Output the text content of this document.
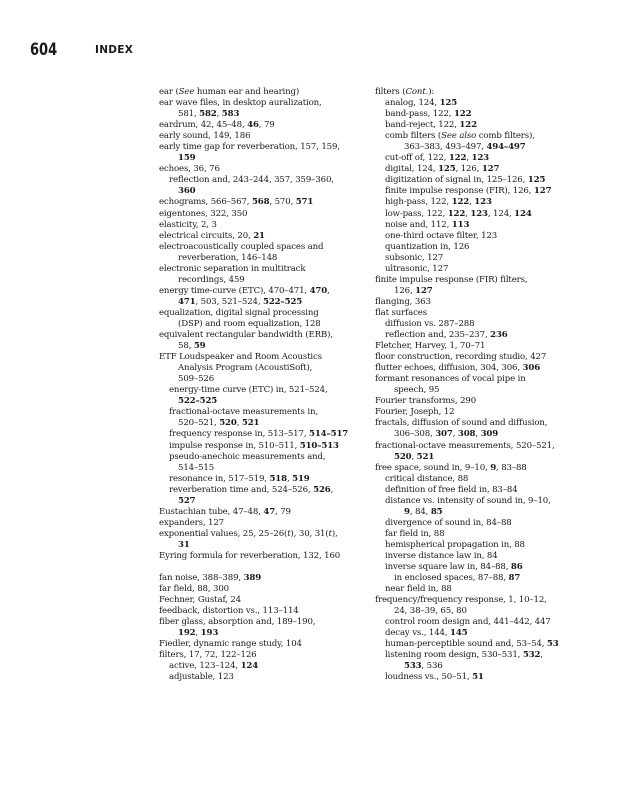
604	INDEX
ear (See human ear and hearing)
ear wave files, in desktop auralization,
581, 582, 583
eardrum, 42, 45–48, 46, 79
early sound, 149, 186
early time gap for reverberation, 157, 159,
159
echoes, 36, 76
reflection and, 243–244, 357, 359–360,
360
echograms, 566–567, 568, 570, 571
eigentones, 322, 350
elasticity, 2, 3
electrical circuits, 20, 21
electroacoustically coupled spaces and
reverberation, 146–148
electronic separation in multitrack
recordings, 459
energy time-curve (ETC), 470–471, 470,
471, 503, 521–524, 522–525
equalization, digital signal processing
(DSP) and room equalization, 128
equivalent rectangular bandwidth (ERB),
58, 59
ETF Loudspeaker and Room Acoustics
Analysis Program (AcoustiSoft),
509–526
energy-time curve (ETC) in, 521–524,
522–525
fractional-octave measurements in,
520–521, 520, 521
frequency response in, 513–517, 514–517
impulse response in, 510–511, 510–513
pseudo-anechoic measurements and,
514–515
resonance in, 517–519, 518, 519
reverberation time and, 524–526, 526,
527
Eustachian tube, 47–48, 47, 79
expanders, 127
exponential values, 25, 25–26(t), 30, 31(t),
31
Eyring formula for reverberation, 132, 160
fan noise, 388–389, 389
far field, 88, 300
Fechner, Gustaf, 24
feedback, distortion vs., 113–114
fiber glass, absorption and, 189–190,
192, 193
Fiedler, dynamic range study, 104
filters, 17, 72, 122–126
active, 123–124, 124
adjustable, 123
filters (Cont.):
analog, 124, 125
band-pass, 122, 122
band-reject, 122, 122
comb filters (See also comb filters),
363–383, 493–497, 494–497
cut-off of, 122, 122, 123
digital, 124, 125, 126, 127
digitization of signal in, 125–126, 125
finite impulse response (FIR), 126, 127
high-pass, 122, 122, 123
low-pass, 122, 122, 123, 124, 124
noise and, 112, 113
one-third octave filter, 123
quantization in, 126
subsonic, 127
ultrasonic, 127
finite impulse response (FIR) filters,
126, 127
flanging, 363
flat surfaces
diffusion vs. 287–288
reflection and, 235–237, 236
Fletcher, Harvey, 1, 70–71
floor construction, recording studio, 427
flutter echoes, diffusion, 304, 306, 306
formant resonances of vocal pipe in
speech, 95
Fourier transforms, 290
Fourier, Joseph, 12
fractals, diffusion of sound and diffusion,
306–308, 307, 308, 309
fractional-octave measurements, 520–521,
520, 521
free space, sound in, 9–10, 9, 83–88
critical distance, 88
definition of free field in, 83–84
distance vs. intensity of sound in, 9–10,
9, 84, 85
divergence of sound in, 84–88
far field in, 88
hemispherical propagation in, 88
inverse distance law in, 84
inverse square law in, 84–88, 86
in enclosed spaces, 87–88, 87
near field in, 88
frequency/frequency response, 1, 10–12,
24, 38–39, 65, 80
control room design and, 441–442, 447
decay vs., 144, 145
human-perceptible sound and, 53–54, 53
listening room design, 530–531, 532,
533, 536
loudness vs., 50–51, 51
